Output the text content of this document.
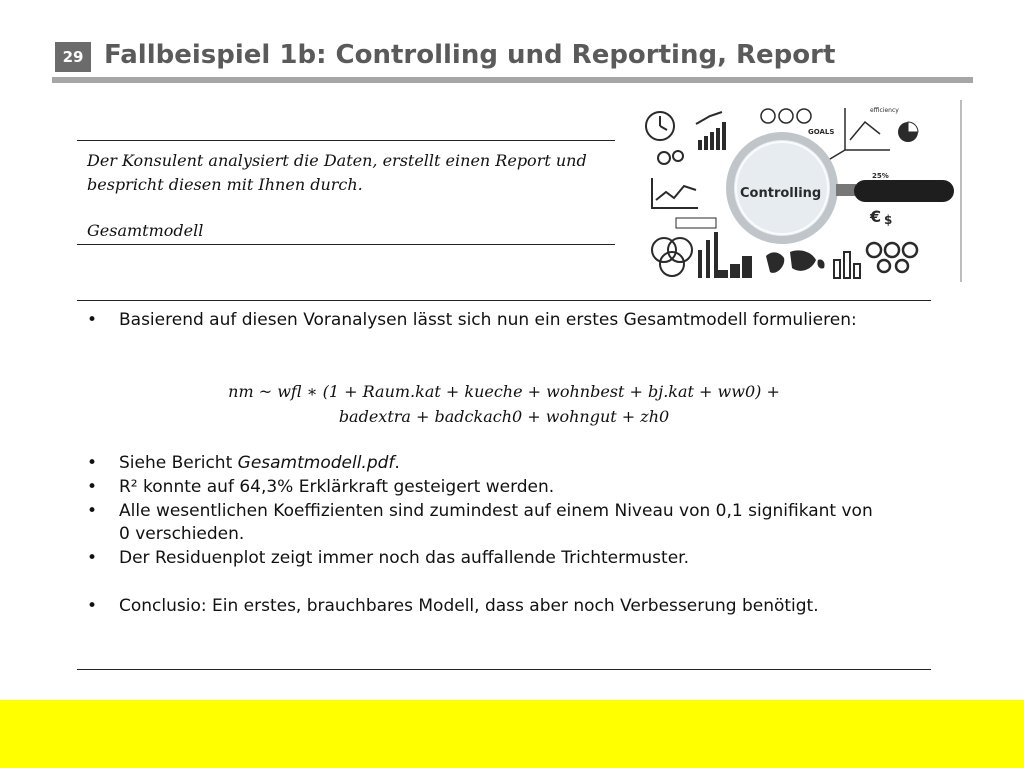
29 Fallbeispiel 1b: Controlling und Reporting, Report

Der Konsulent analysiert die Daten, erstellt einen Report und bespricht diesen mit Ihnen durch.

Gesamtmodell

GOALS
efficiency
€ $
25%
Controlling
• Basierend auf diesen Voranalysen lässt sich nun ein erstes Gesamtmodell formulieren:
nm ~ wfl ∗ (1 + Raum.kat + kueche + wohnbest + bj.kat + ww0) +
badextra + badckach0 + wohngut + zh0
• Siehe Bericht Gesamtmodell.pdf.
• R² konnte auf 64,3% Erklärkraft gesteigert werden.
• Alle wesentlichen Koeffizienten sind zumindest auf einem Niveau von 0,1 signifikant von 0 verschieden.
• Der Residuenplot zeigt immer noch das auffallende Trichtermuster.
• Conclusio: Ein erstes, brauchbares Modell, dass aber noch Verbesserung benötigt.
